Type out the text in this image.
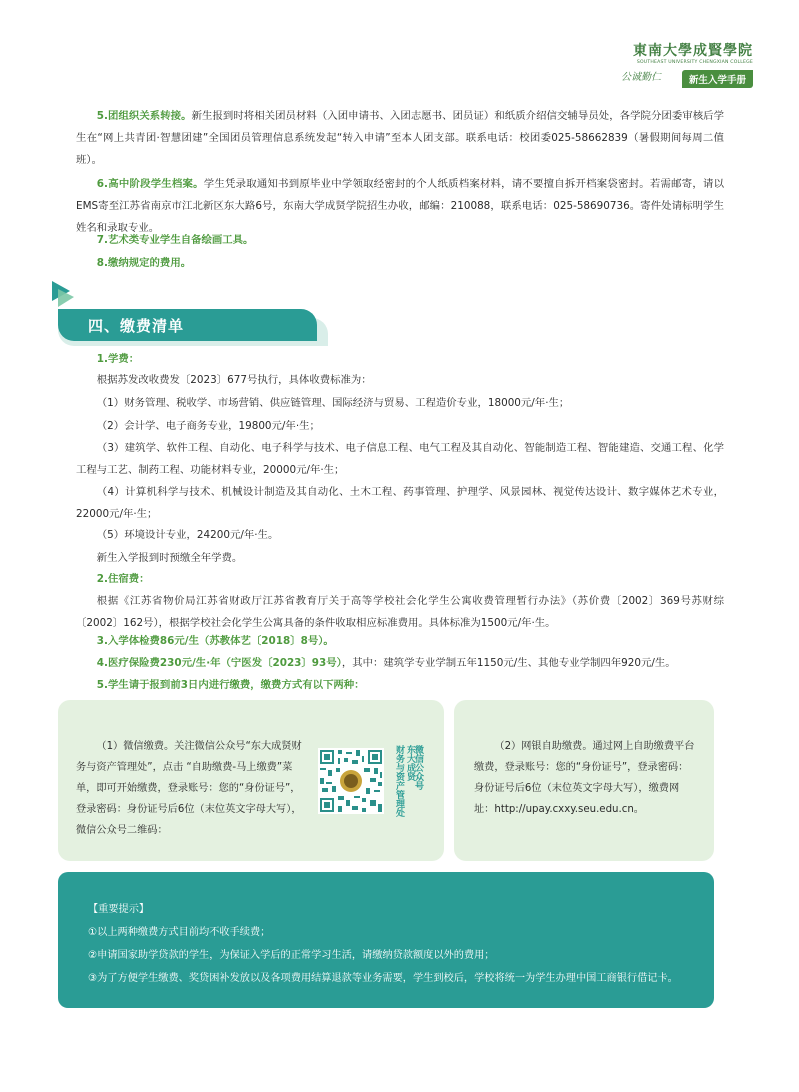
東南大學成賢學院
SOUTHEAST UNIVERSITY CHENGXIAN COLLEGE
公诚勤仁	新生入学手册
5.团组织关系转接。新生报到时将相关团员材料（入团申请书、入团志愿书、团员证）和纸质介绍信交辅导员处，各学院分团委审核后学生在“网上共青团·智慧团建”全国团员管理信息系统发起“转入申请”至本人团支部。联系电话：校团委025-58662839（暑假期间每周二值班）。
6.高中阶段学生档案。学生凭录取通知书到原毕业中学领取经密封的个人纸质档案材料，请不要擅自拆开档案袋密封。若需邮寄，请以EMS寄至江苏省南京市江北新区东大路6号，东南大学成贤学院招生办收，邮编：210088，联系电话：025-58690736。寄件处请标明学生姓名和录取专业。
7.艺术类专业学生自备绘画工具。
8.缴纳规定的费用。
四、缴费清单
1.学费：
根据苏发改收费发〔2023〕677号执行，具体收费标准为：
（1）财务管理、税收学、市场营销、供应链管理、国际经济与贸易、工程造价专业，18000元/年·生；
（2）会计学、电子商务专业，19800元/年·生；
（3）建筑学、软件工程、自动化、电子科学与技术、电子信息工程、电气工程及其自动化、智能制造工程、智能建造、交通工程、化学工程与工艺、制药工程、功能材料专业，20000元/年·生；
（4）计算机科学与技术、机械设计制造及其自动化、土木工程、药事管理、护理学、风景园林、视觉传达设计、数字媒体艺术专业，22000元/年·生；
（5）环境设计专业，24200元/年·生。
新生入学报到时预缴全年学费。
2.住宿费：
根据《江苏省物价局江苏省财政厅江苏省教育厅关于高等学校社会化学生公寓收费管理暂行办法》（苏价费〔2002〕369号苏财综〔2002〕162号），根据学校社会化学生公寓具备的条件收取相应标准费用。具体标准为1500元/年·生。
3.入学体检费86元/生（苏教体艺〔2018〕8号）。
4.医疗保险费230元/生·年（宁医发〔2023〕93号），其中：建筑学专业学制五年1150元/生、其他专业学制四年920元/生。
5.学生请于报到前3日内进行缴费，缴费方式有以下两种：
（1）微信缴费。关注微信公众号“东大成贤财务与资产管理处”，点击 “自助缴费-马上缴费”菜单，即可开始缴费，登录账号：您的“身份证号”，登录密码：身份证号后6位（末位英文字母大写），微信公众号二维码：
东大成贤
财务与资产管理处 微信公众号	（2）网银自助缴费。通过网上自助缴费平台缴费，登录账号：您的“身份证号”，登录密码：身份证号后6位（末位英文字母大写），缴费网址：http://upay.cxxy.seu.edu.cn。
【重要提示】
①以上两种缴费方式目前均不收手续费；
②申请国家助学贷款的学生，为保证入学后的正常学习生活，请缴纳贷款额度以外的费用；
③为了方便学生缴费、奖贷困补发放以及各项费用结算退款等业务需要，学生到校后，学校将统一为学生办理中国工商银行借记卡。
